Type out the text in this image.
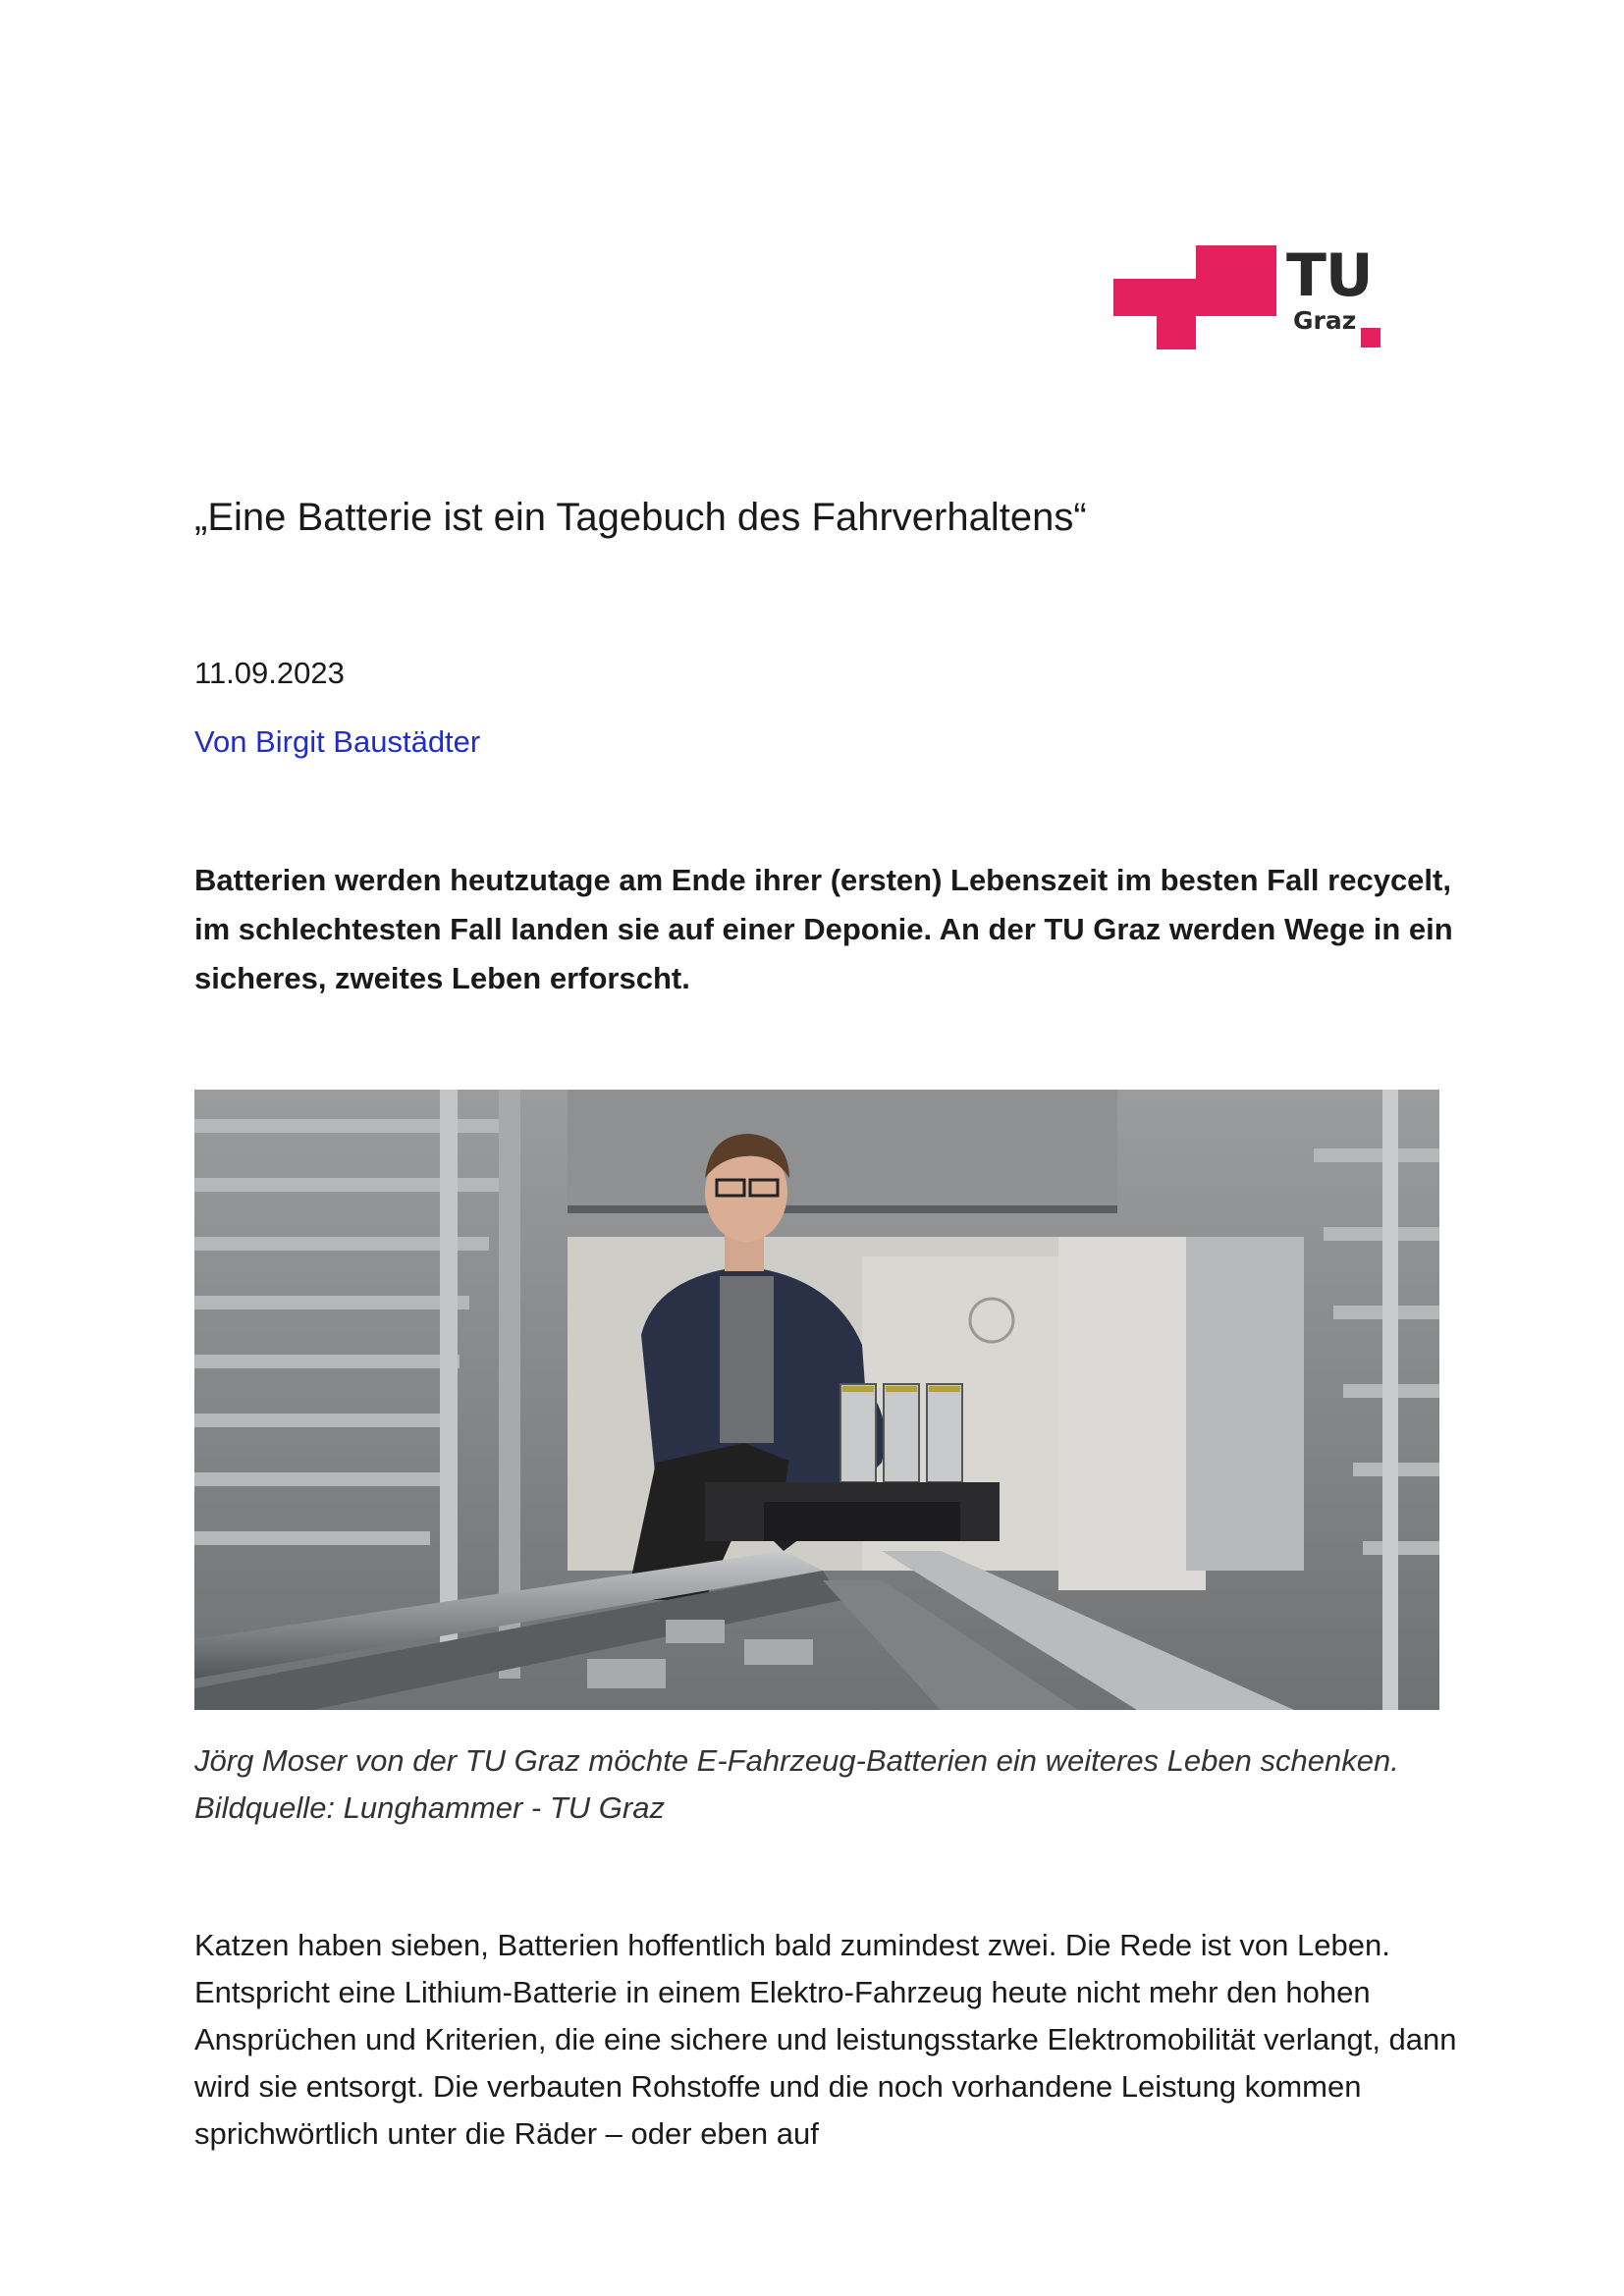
TU
Graz
„Eine Batterie ist ein Tagebuch des Fahrverhaltens“
11.09.2023
Von Birgit Baustädter

Batterien werden heutzutage am Ende ihrer (ersten) Lebenszeit im besten Fall recycelt, im schlechtesten Fall landen sie auf einer Deponie. An der TU Graz werden Wege in ein sicheres, zweites Leben erforscht.

Jörg Moser von der TU Graz möchte E-Fahrzeug-Batterien ein weiteres Leben schenken. Bildquelle: Lunghammer - TU Graz

Katzen haben sieben, Batterien hoffentlich bald zumindest zwei. Die Rede ist von Leben. Entspricht eine Lithium-Batterie in einem Elektro-Fahrzeug heute nicht mehr den hohen Ansprüchen und Kriterien, die eine sichere und leistungsstarke Elektromobilität verlangt, dann wird sie entsorgt. Die verbauten Rohstoffe und die noch vorhandene Leistung kommen sprichwörtlich unter die Räder – oder eben auf
